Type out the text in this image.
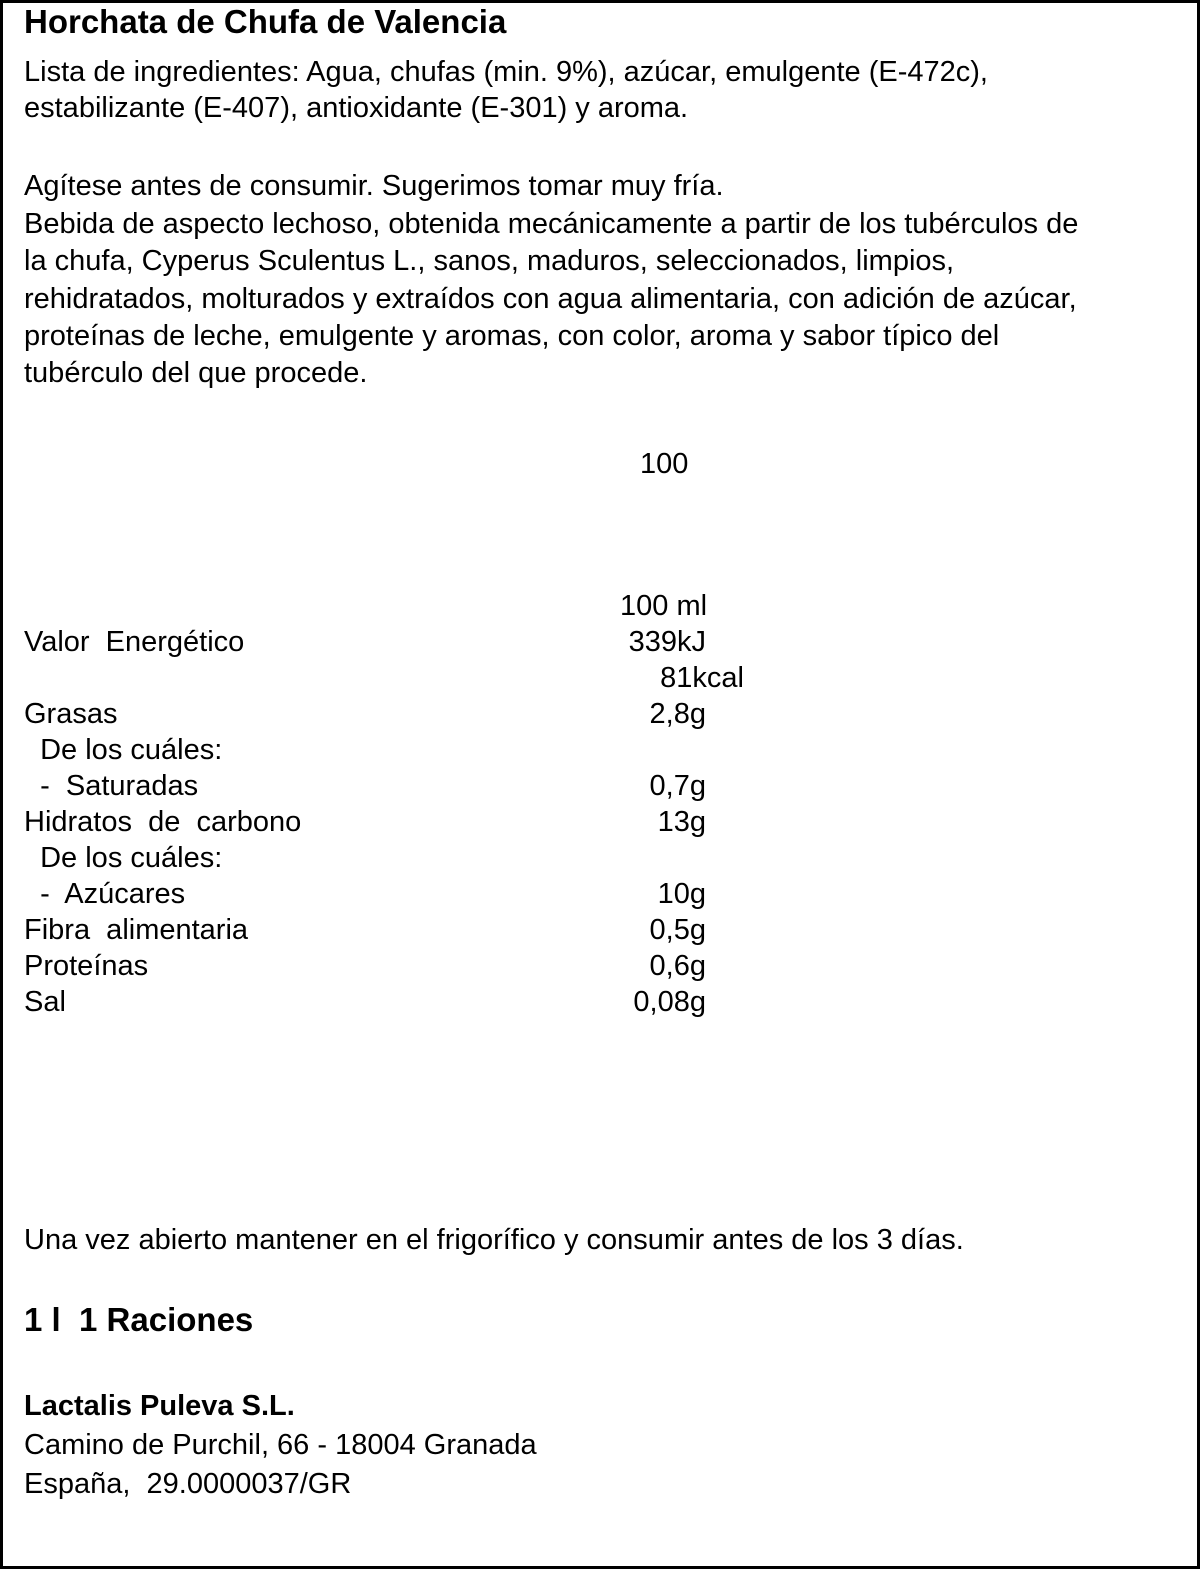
Horchata de Chufa de Valencia
Lista de ingredientes: Agua, chufas (min. 9%), azúcar, emulgente (E-472c),
estabilizante (E-407), antioxidante (E-301) y aroma.
Agítese antes de consumir. Sugerimos tomar muy fría.
Bebida de aspecto lechoso, obtenida mecánicamente a partir de los tubérculos de
la chufa, Cyperus Sculentus L., sanos, maduros, seleccionados, limpios,
rehidratados, molturados y extraídos con agua alimentaria, con adición de azúcar,
proteínas de leche, emulgente y aromas, con color, aroma y sabor típico del
tubérculo del que procede.
100
100 ml
Valor  Energético	339kJ
81kcal
Grasas	2,8g
De los cuáles:
-  Saturadas	0,7g
Hidratos  de  carbono	13g
De los cuáles:
-  Azúcares	10g
Fibra  alimentaria	0,5g
Proteínas	0,6g
Sal	0,08g
Una vez abierto mantener en el frigorífico y consumir antes de los 3 días.
1 l  1 Raciones
Lactalis Puleva S.L.
Camino de Purchil, 66 - 18004 Granada
España,  29.0000037/GR
